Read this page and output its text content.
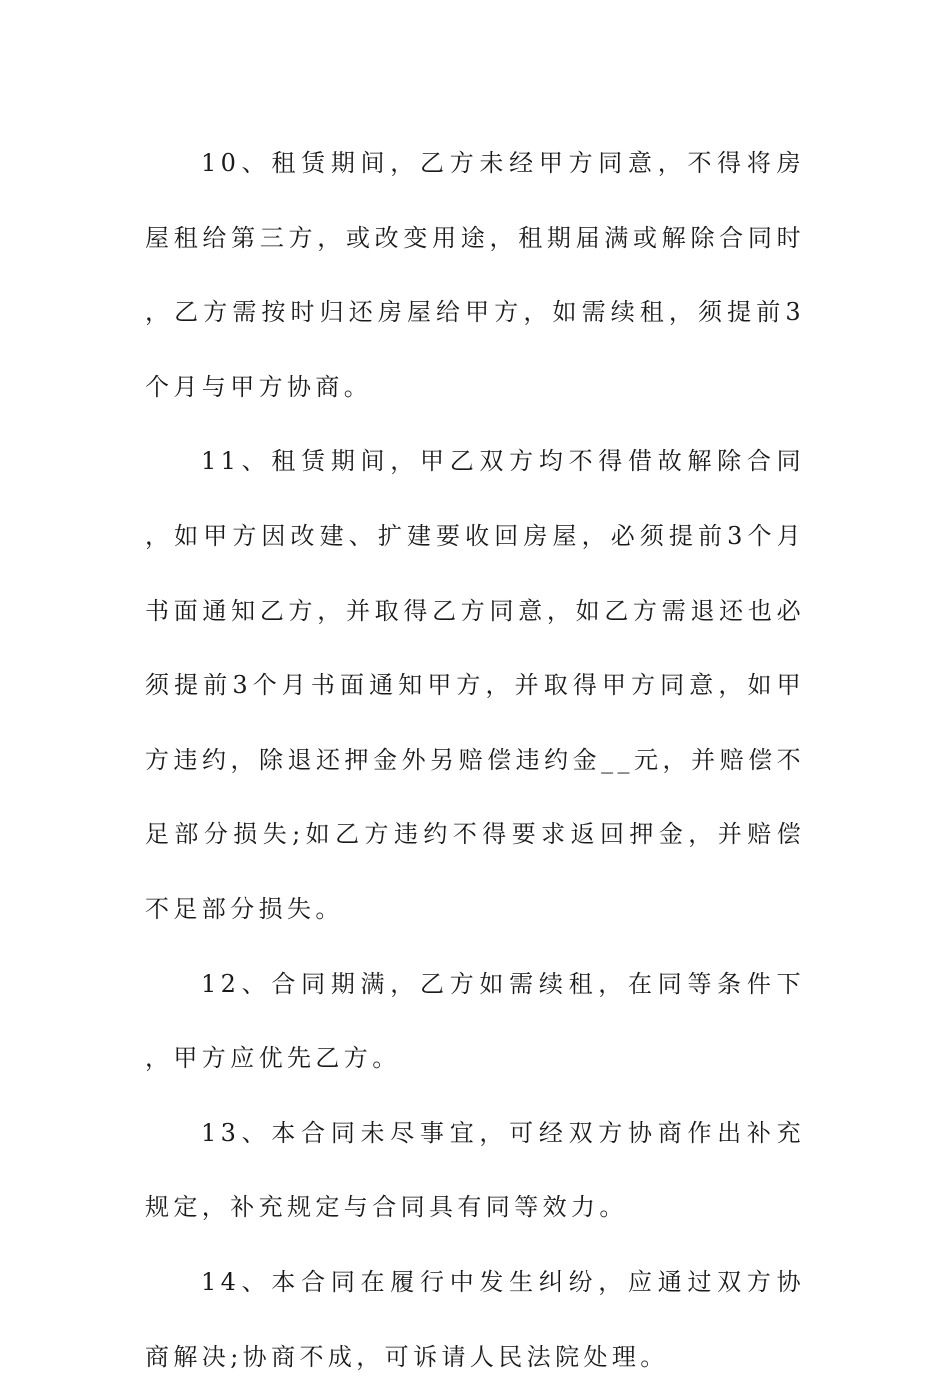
10、租赁期间，乙方未经甲方同意，不得将房屋租给第三方，或改变用途，租期届满或解除合同时，乙方需按时归还房屋给甲方，如需续租，须提前3个月与甲方协商。

11、租赁期间，甲乙双方均不得借故解除合同，如甲方因改建、扩建要收回房屋，必须提前3个月书面通知乙方，并取得乙方同意，如乙方需退还也必须提前3个月书面通知甲方，并取得甲方同意，如甲方违约，除退还押金外另赔偿违约金__元，并赔偿不足部分损失;如乙方违约不得要求返回押金，并赔偿不足部分损失。

12、合同期满，乙方如需续租，在同等条件下，甲方应优先乙方。

13、本合同未尽事宜，可经双方协商作出补充规定，补充规定与合同具有同等效力。

14、本合同在履行中发生纠纷，应通过双方协商解决;协商不成，可诉请人民法院处理。
